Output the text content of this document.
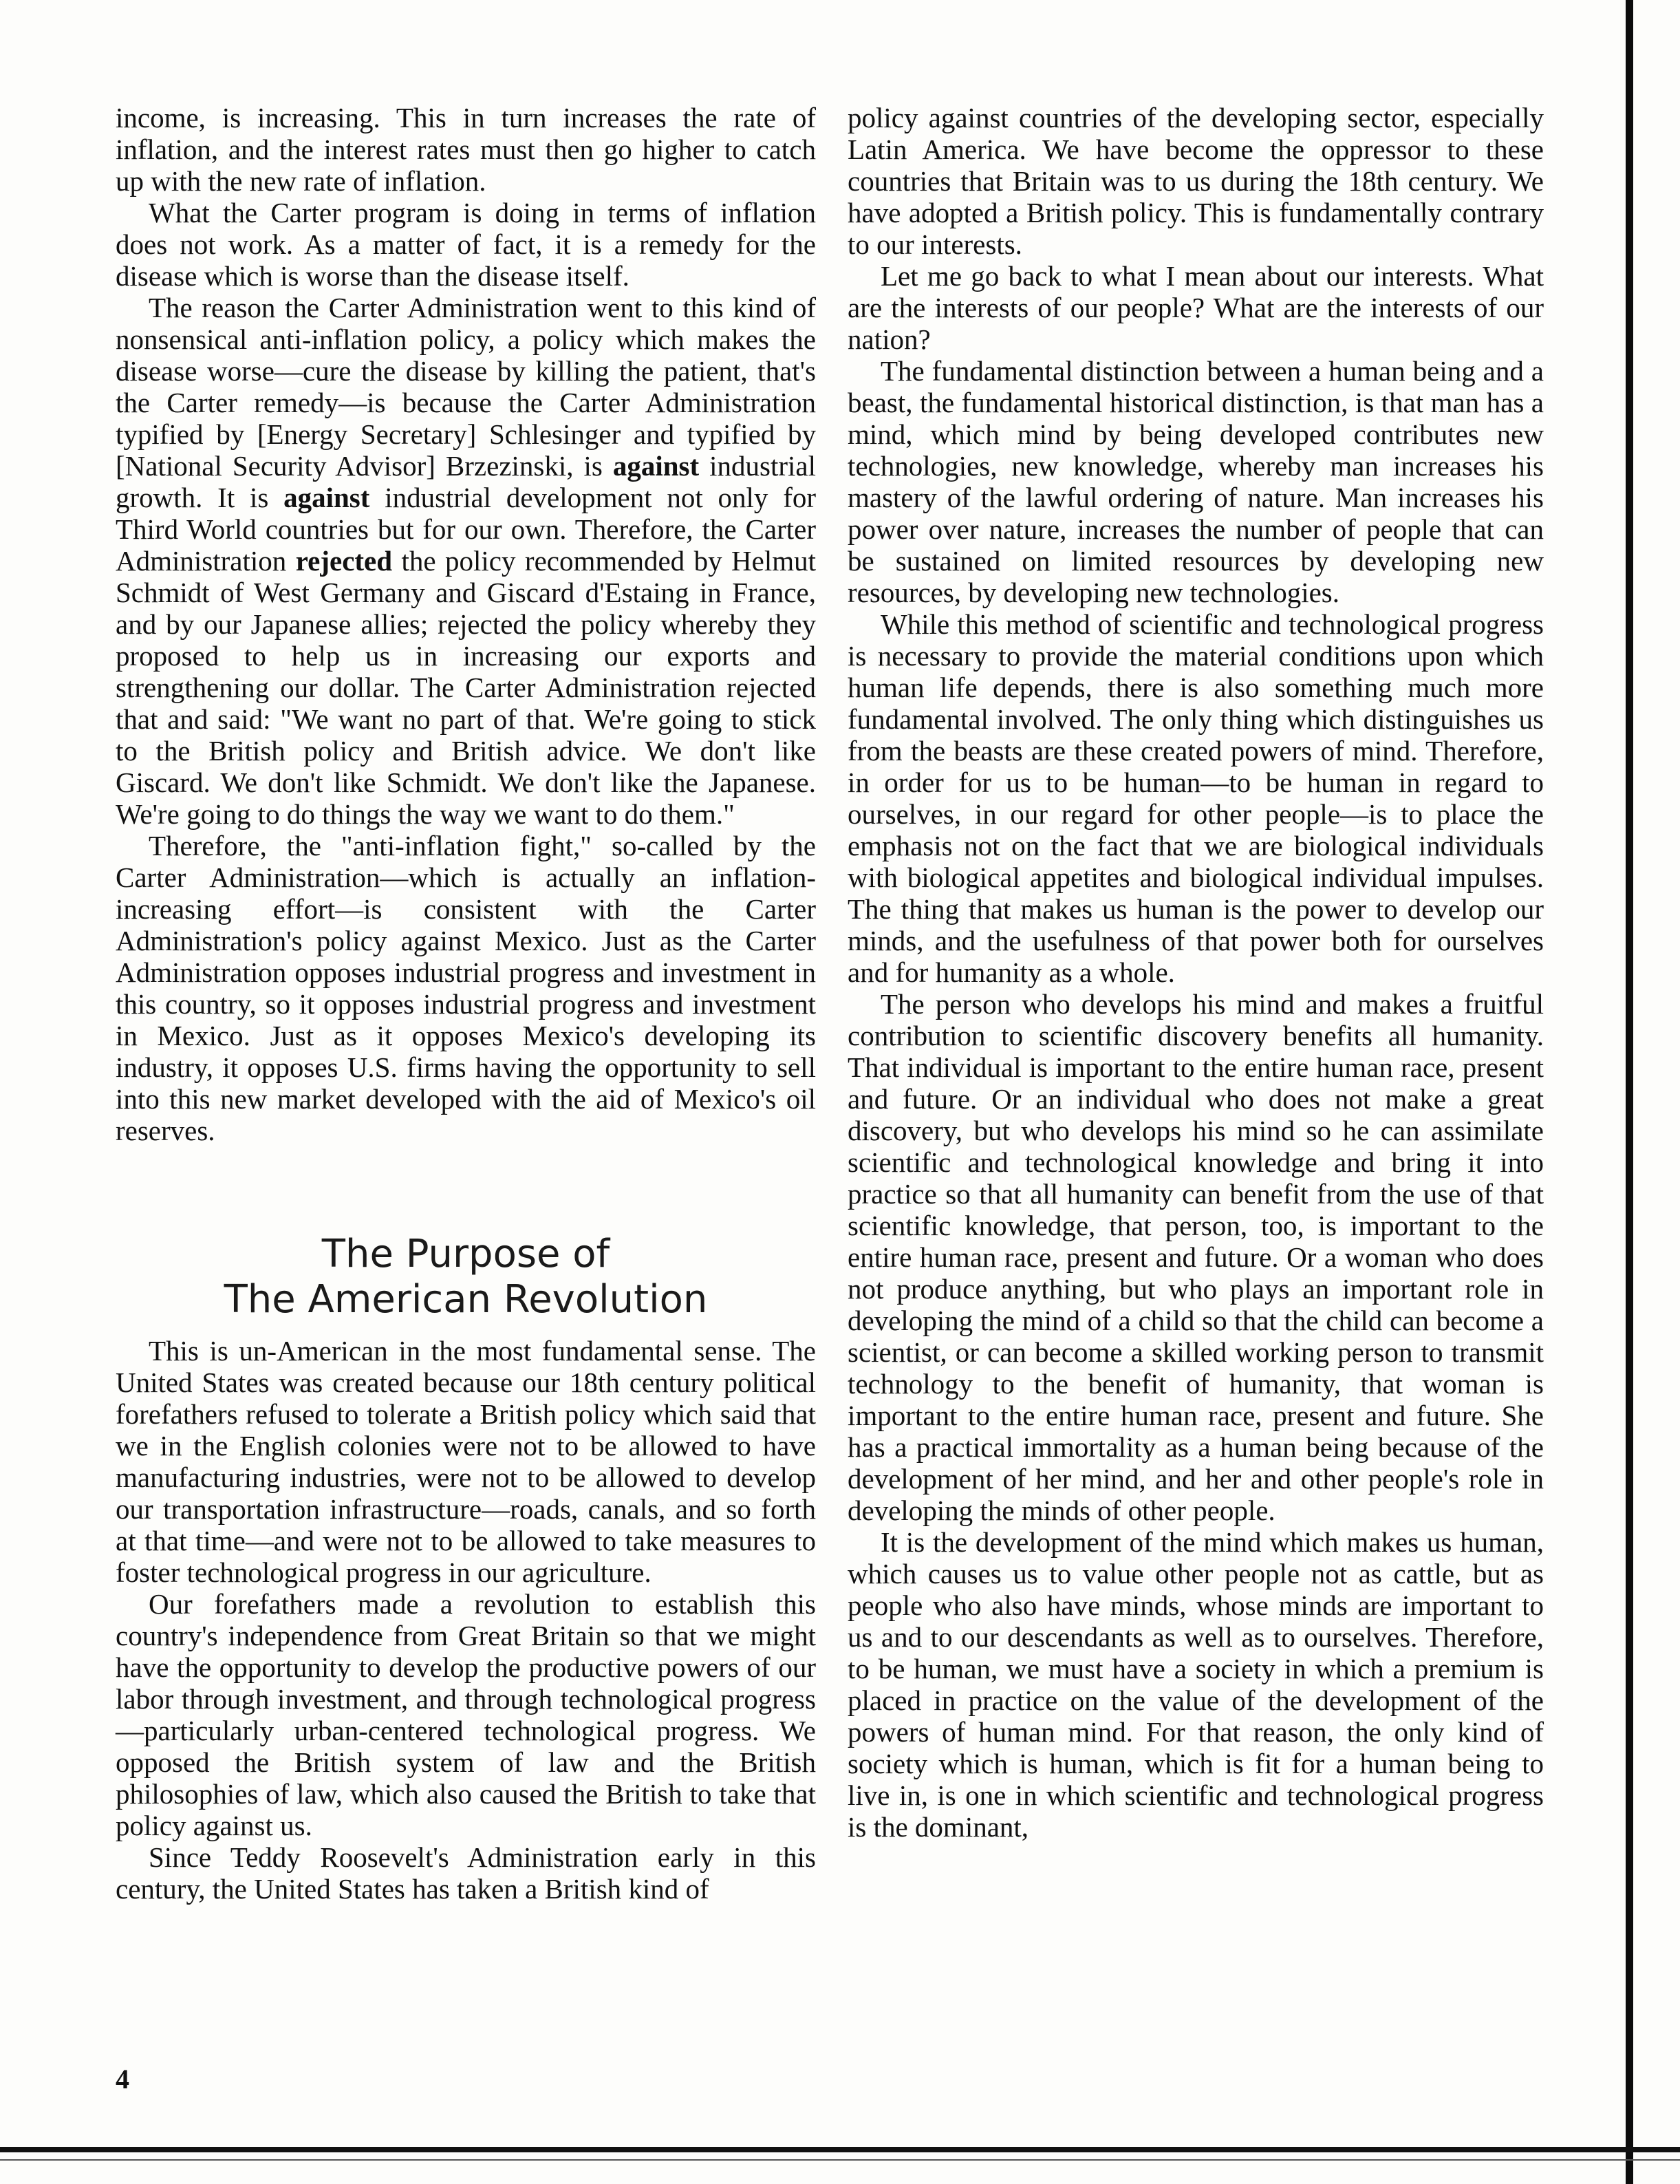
income, is increasing. This in turn increases the rate of inflation, and the interest rates must then go higher to catch up with the new rate of inflation.

What the Carter program is doing in terms of inflation does not work. As a matter of fact, it is a remedy for the disease which is worse than the disease itself.

The reason the Carter Administration went to this kind of nonsensical anti-inflation policy, a policy which makes the disease worse—cure the disease by killing the patient, that's the Carter remedy—is because the Carter Administration typified by [Energy Secretary] Schlesinger and typified by [National Security Advisor] Brzezinski, is against industrial growth. It is against industrial development not only for Third World countries but for our own. Therefore, the Carter Administration rejected the policy recommended by Helmut Schmidt of West Germany and Giscard d'Estaing in France, and by our Japanese allies; rejected the policy whereby they proposed to help us in increasing our exports and strengthening our dollar. The Carter Administration rejected that and said: "We want no part of that. We're going to stick to the British policy and British advice. We don't like Giscard. We don't like Schmidt. We don't like the Japanese. We're going to do things the way we want to do them."

Therefore, the "anti-inflation fight," so-called by the Carter Administration—which is actually an inflation-increasing effort—is consistent with the Carter Administration's policy against Mexico. Just as the Carter Administration opposes industrial progress and investment in this country, so it opposes industrial progress and investment in Mexico. Just as it opposes Mexico's developing its industry, it opposes U.S. firms having the opportunity to sell into this new market developed with the aid of Mexico's oil reserves.

The Purpose of
The American Revolution

This is un-American in the most fundamental sense. The United States was created because our 18th century political forefathers refused to tolerate a British policy which said that we in the English colonies were not to be allowed to have manufacturing industries, were not to be allowed to develop our transportation infrastructure—roads, canals, and so forth at that time—and were not to be allowed to take measures to foster technological progress in our agriculture.

Our forefathers made a revolution to establish this country's independence from Great Britain so that we might have the opportunity to develop the productive powers of our labor through investment, and through technological progress—particularly urban-centered technological progress. We opposed the British system of law and the British philosophies of law, which also caused the British to take that policy against us.

Since Teddy Roosevelt's Administration early in this century, the United States has taken a British kind of

policy against countries of the developing sector, especially Latin America. We have become the oppressor to these countries that Britain was to us during the 18th century. We have adopted a British policy. This is fundamentally contrary to our interests.

Let me go back to what I mean about our interests. What are the interests of our people? What are the interests of our nation?

The fundamental distinction between a human being and a beast, the fundamental historical distinction, is that man has a mind, which mind by being developed contributes new technologies, new knowledge, whereby man increases his mastery of the lawful ordering of nature. Man increases his power over nature, increases the number of people that can be sustained on limited resources by developing new resources, by developing new technologies.

While this method of scientific and technological progress is necessary to provide the material conditions upon which human life depends, there is also something much more fundamental involved. The only thing which distinguishes us from the beasts are these created powers of mind. Therefore, in order for us to be human—to be human in regard to ourselves, in our regard for other people—is to place the emphasis not on the fact that we are biological individuals with biological appetites and biological individual impulses. The thing that makes us human is the power to develop our minds, and the usefulness of that power both for ourselves and for humanity as a whole.

The person who develops his mind and makes a fruitful contribution to scientific discovery benefits all humanity. That individual is important to the entire human race, present and future. Or an individual who does not make a great discovery, but who develops his mind so he can assimilate scientific and technological knowledge and bring it into practice so that all humanity can benefit from the use of that scientific knowledge, that person, too, is important to the entire human race, present and future. Or a woman who does not produce anything, but who plays an important role in developing the mind of a child so that the child can become a scientist, or can become a skilled working person to transmit technology to the benefit of humanity, that woman is important to the entire human race, present and future. She has a practical immortality as a human being because of the development of her mind, and her and other people's role in developing the minds of other people.

It is the development of the mind which makes us human, which causes us to value other people not as cattle, but as people who also have minds, whose minds are important to us and to our descendants as well as to ourselves. Therefore, to be human, we must have a society in which a premium is placed in practice on the value of the development of the powers of human mind. For that reason, the only kind of society which is human, which is fit for a human being to live in, is one in which scientific and technological progress is the dominant,

4
